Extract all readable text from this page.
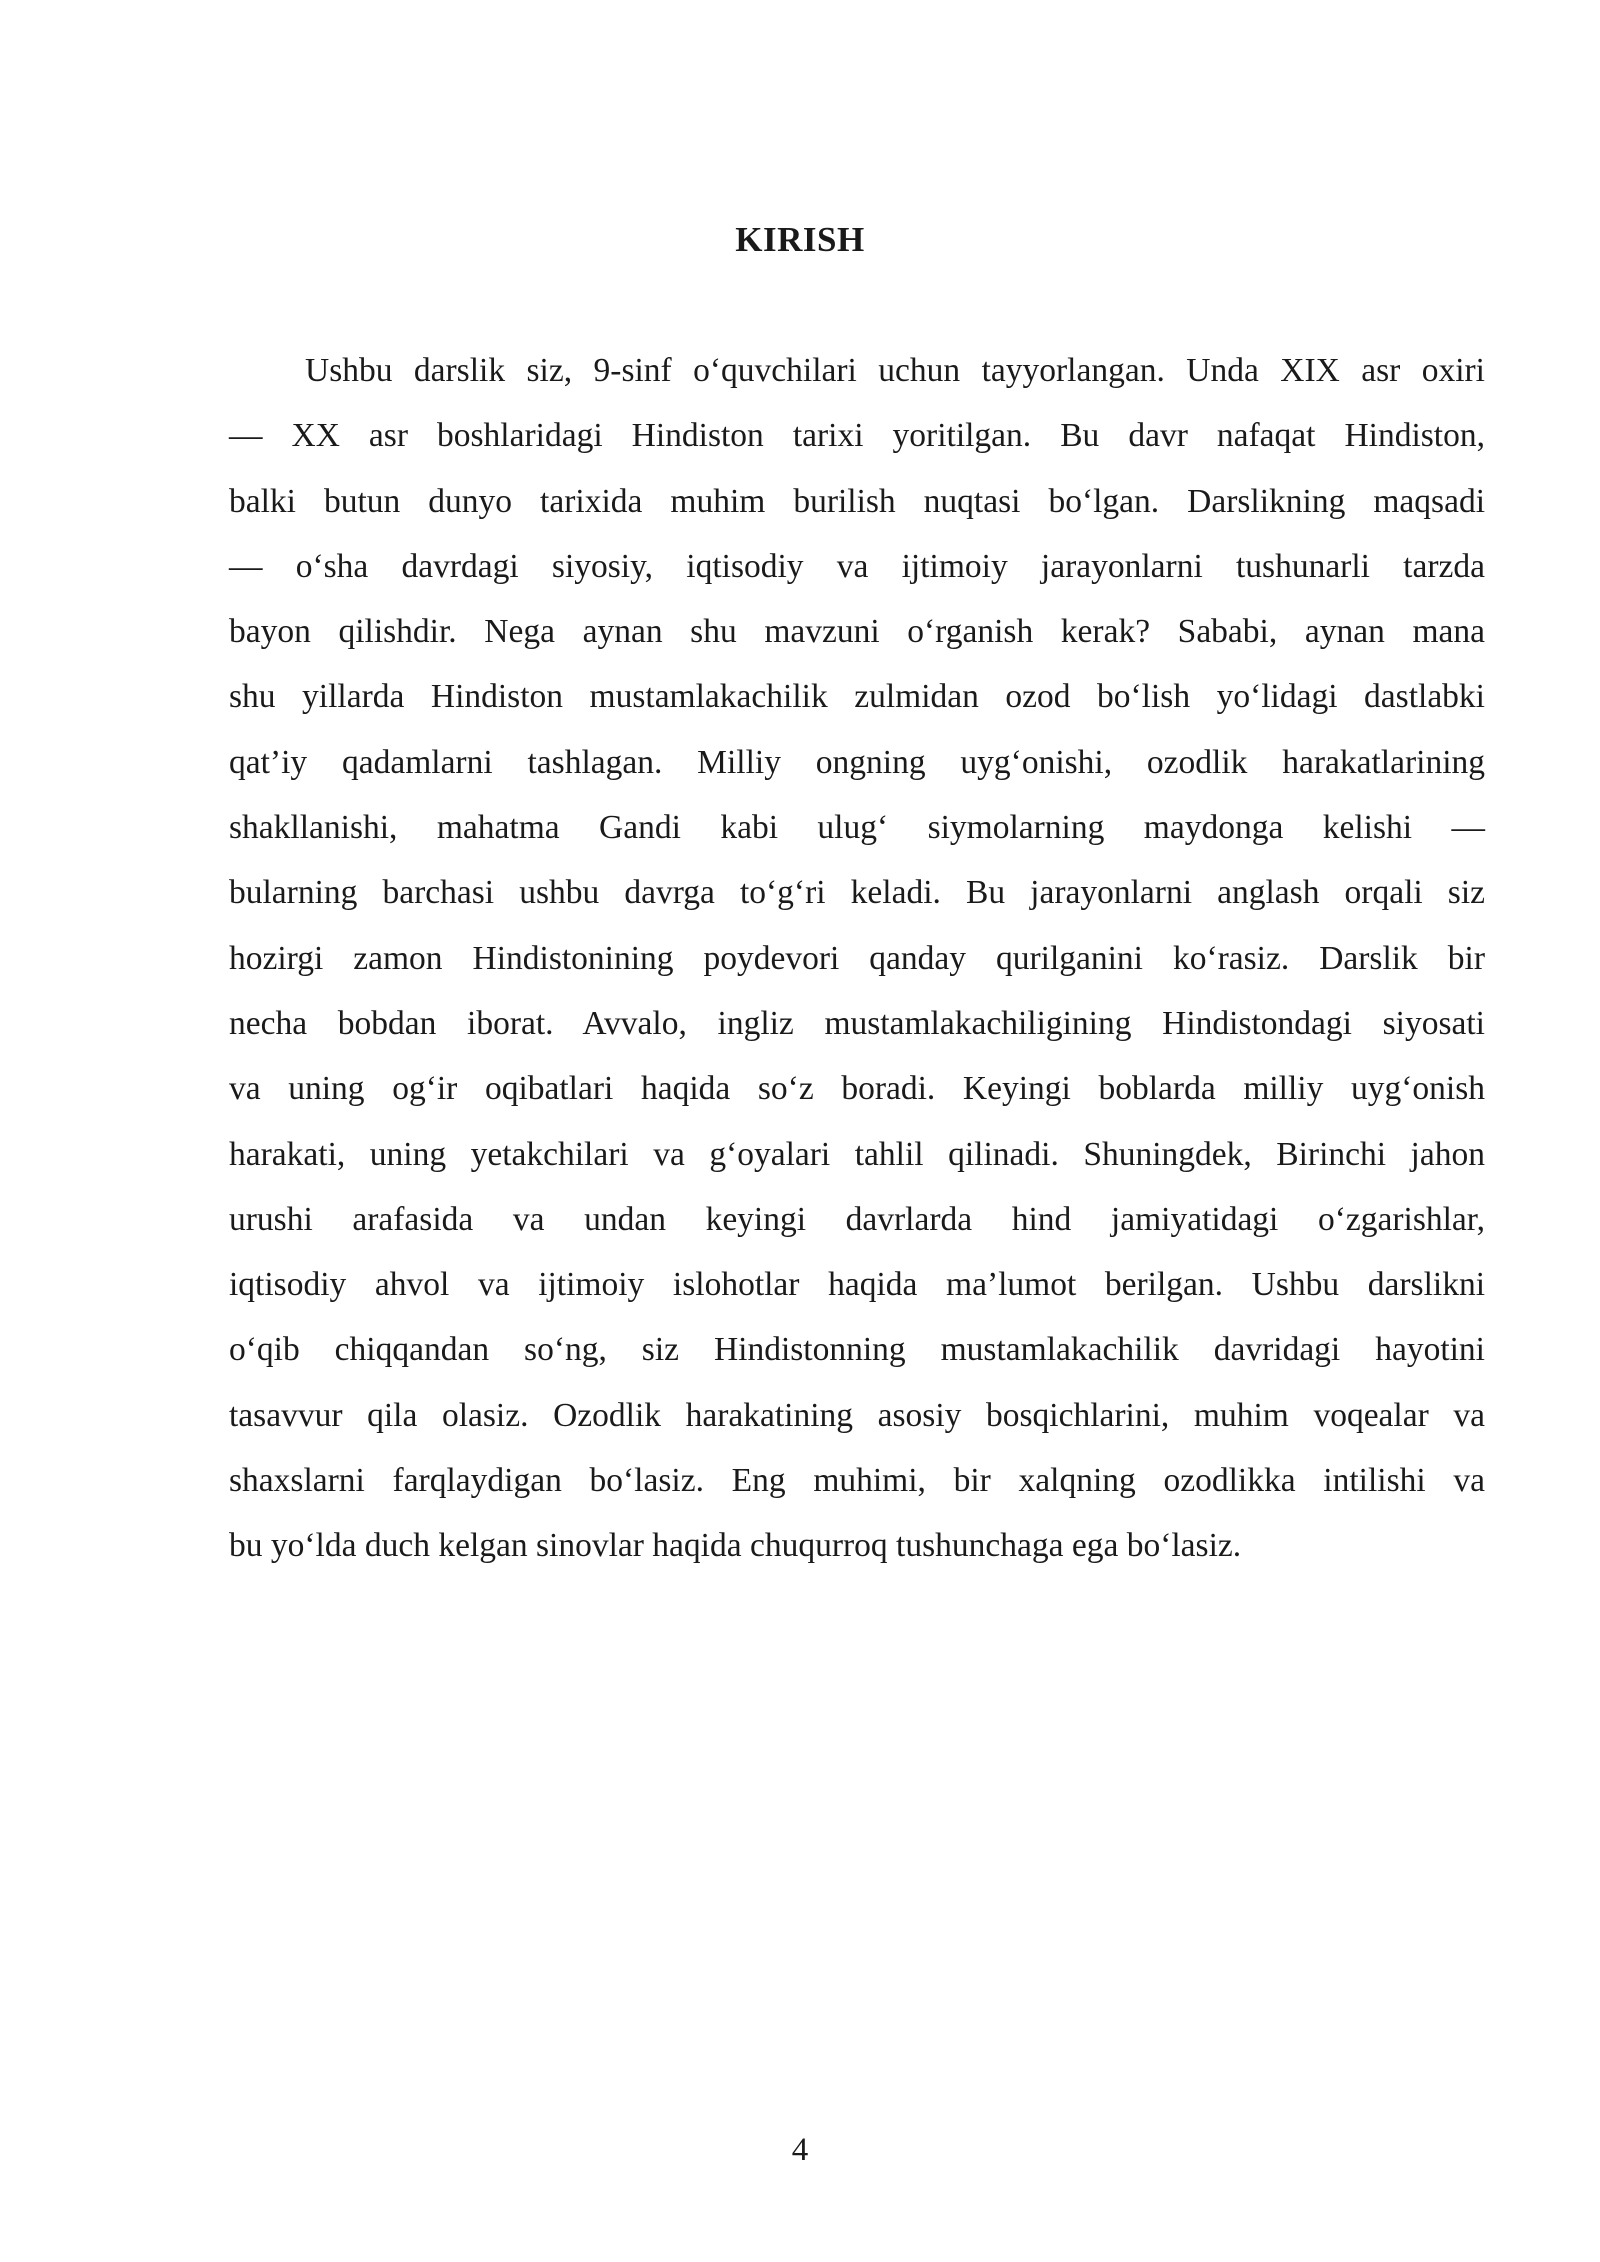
KIRISH

Ushbu darslik siz, 9-sinf o‘quvchilari uchun tayyorlangan. Unda XIX asr oxiri
— XX asr boshlaridagi Hindiston tarixi yoritilgan. Bu davr nafaqat Hindiston,
balki butun dunyo tarixida muhim burilish nuqtasi bo‘lgan. Darslikning maqsadi
— o‘sha davrdagi siyosiy, iqtisodiy va ijtimoiy jarayonlarni tushunarli tarzda
bayon qilishdir. Nega aynan shu mavzuni o‘rganish kerak? Sababi, aynan mana
shu yillarda Hindiston mustamlakachilik zulmidan ozod bo‘lish yo‘lidagi dastlabki
qat’iy qadamlarni tashlagan. Milliy ongning uyg‘onishi, ozodlik harakatlarining
shakllanishi, mahatma Gandi kabi ulug‘ siymolarning maydonga kelishi —
bularning barchasi ushbu davrga to‘g‘ri keladi. Bu jarayonlarni anglash orqali siz
hozirgi zamon Hindistonining poydevori qanday qurilganini ko‘rasiz. Darslik bir
necha bobdan iborat. Avvalo, ingliz mustamlakachiligining Hindistondagi siyosati
va uning og‘ir oqibatlari haqida so‘z boradi. Keyingi boblarda milliy uyg‘onish
harakati, uning yetakchilari va g‘oyalari tahlil qilinadi. Shuningdek, Birinchi jahon
urushi arafasida va undan keyingi davrlarda hind jamiyatidagi o‘zgarishlar,
iqtisodiy ahvol va ijtimoiy islohotlar haqida ma’lumot berilgan. Ushbu darslikni
o‘qib chiqqandan so‘ng, siz Hindistonning mustamlakachilik davridagi hayotini
tasavvur qila olasiz. Ozodlik harakatining asosiy bosqichlarini, muhim voqealar va
shaxslarni farqlaydigan bo‘lasiz. Eng muhimi, bir xalqning ozodlikka intilishi va
bu yo‘lda duch kelgan sinovlar haqida chuqurroq tushunchaga ega bo‘lasiz.

4
